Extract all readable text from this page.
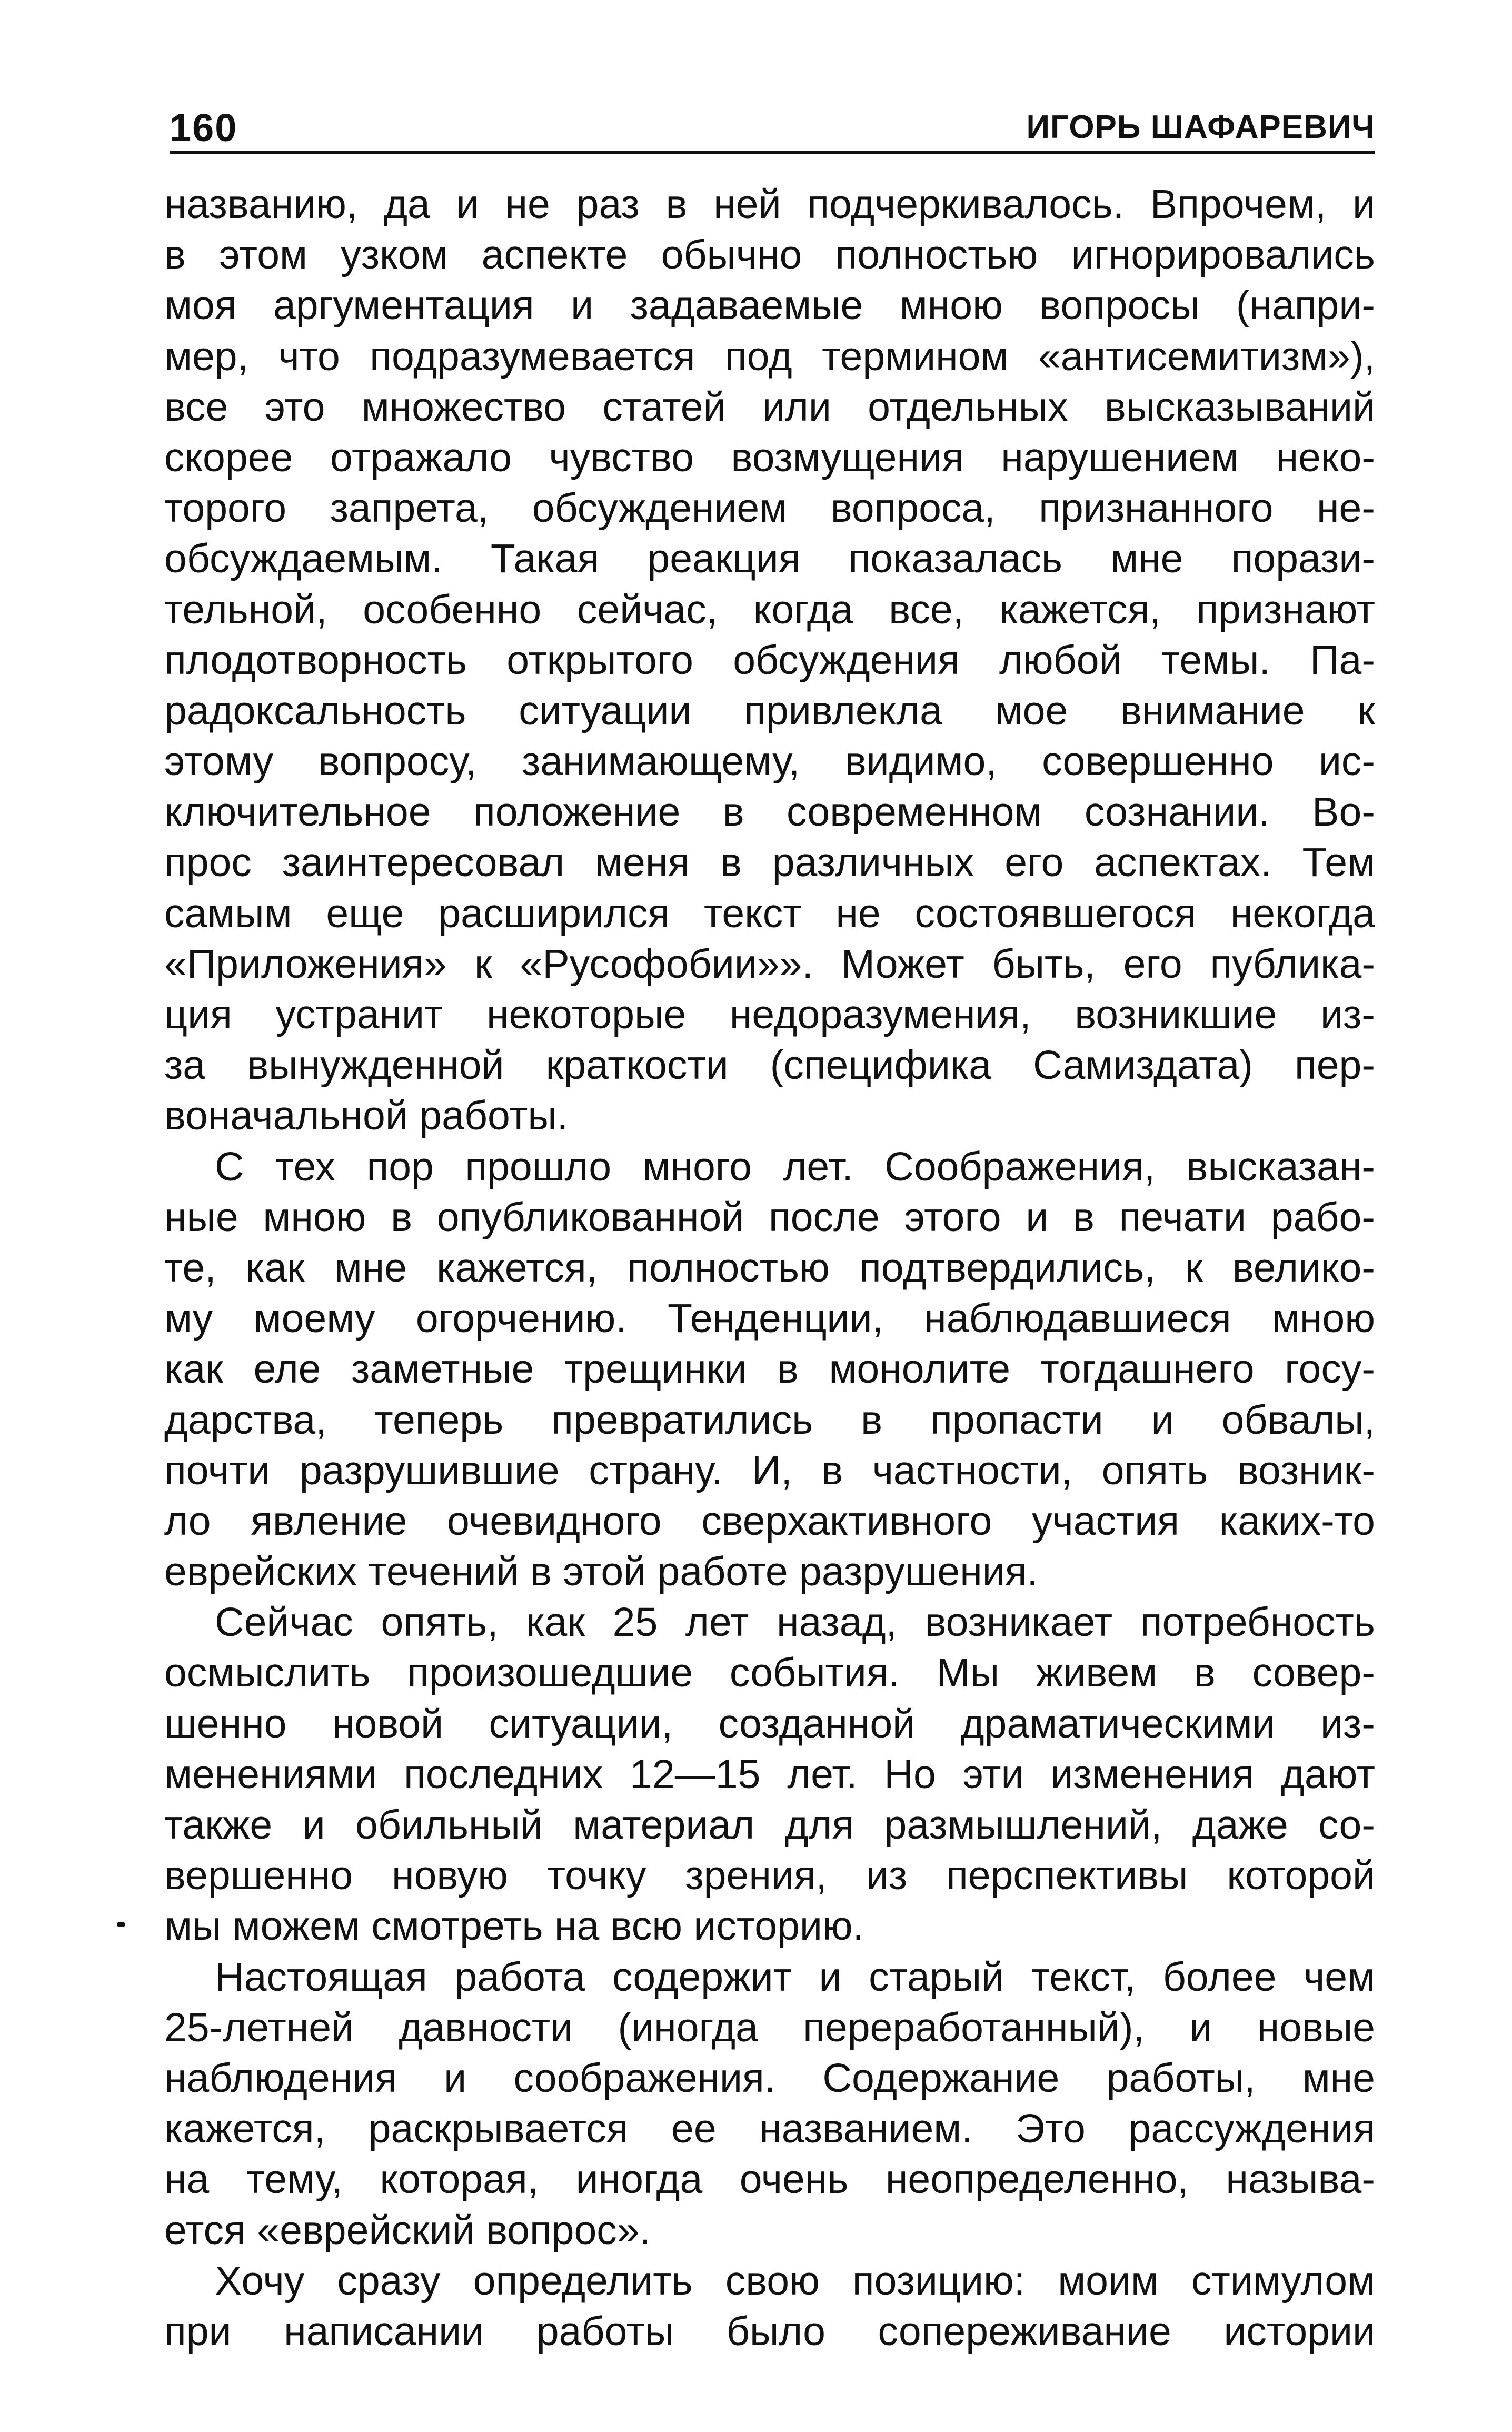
160	ИГОРЬ ШАФАРЕВИЧ
названию, да и не раз в ней подчеркивалось. Впрочем, и
в этом узком аспекте обычно полностью игнорировались
моя аргументация и задаваемые мною вопросы (напри-
мер, что подразумевается под термином «антисемитизм»),
все это множество статей или отдельных высказываний
скорее отражало чувство возмущения нарушением неко-
торого запрета, обсуждением вопроса, признанного не-
обсуждаемым. Такая реакция показалась мне порази-
тельной, особенно сейчас, когда все, кажется, признают
плодотворность открытого обсуждения любой темы. Па-
радоксальность ситуации привлекла мое внимание к
этому вопросу, занимающему, видимо, совершенно ис-
ключительное положение в современном сознании. Во-
прос заинтересовал меня в различных его аспектах. Тем
самым еще расширился текст не состоявшегося некогда
«Приложения» к «Русофобии»». Может быть, его публика-
ция устранит некоторые недоразумения, возникшие из-
за вынужденной краткости (специфика Самиздата) пер-
воначальной работы.
С тех пор прошло много лет. Соображения, высказан-
ные мною в опубликованной после этого и в печати рабо-
те, как мне кажется, полностью подтвердились, к велико-
му моему огорчению. Тенденции, наблюдавшиеся мною
как еле заметные трещинки в монолите тогдашнего госу-
дарства, теперь превратились в пропасти и обвалы,
почти разрушившие страну. И, в частности, опять возник-
ло явление очевидного сверхактивного участия каких-то
еврейских течений в этой работе разрушения.
Сейчас опять, как 25 лет назад, возникает потребность
осмыслить произошедшие события. Мы живем в совер-
шенно новой ситуации, созданной драматическими из-
менениями последних 12—15 лет. Но эти изменения дают
также и обильный материал для размышлений, даже со-
вершенно новую точку зрения, из перспективы которой
мы можем смотреть на всю историю.
Настоящая работа содержит и старый текст, более чем
25-летней давности (иногда переработанный), и новые
наблюдения и соображения. Содержание работы, мне
кажется, раскрывается ее названием. Это рассуждения
на тему, которая, иногда очень неопределенно, называ-
ется «еврейский вопрос».
Хочу сразу определить свою позицию: моим стимулом
при написании работы было сопереживание истории
